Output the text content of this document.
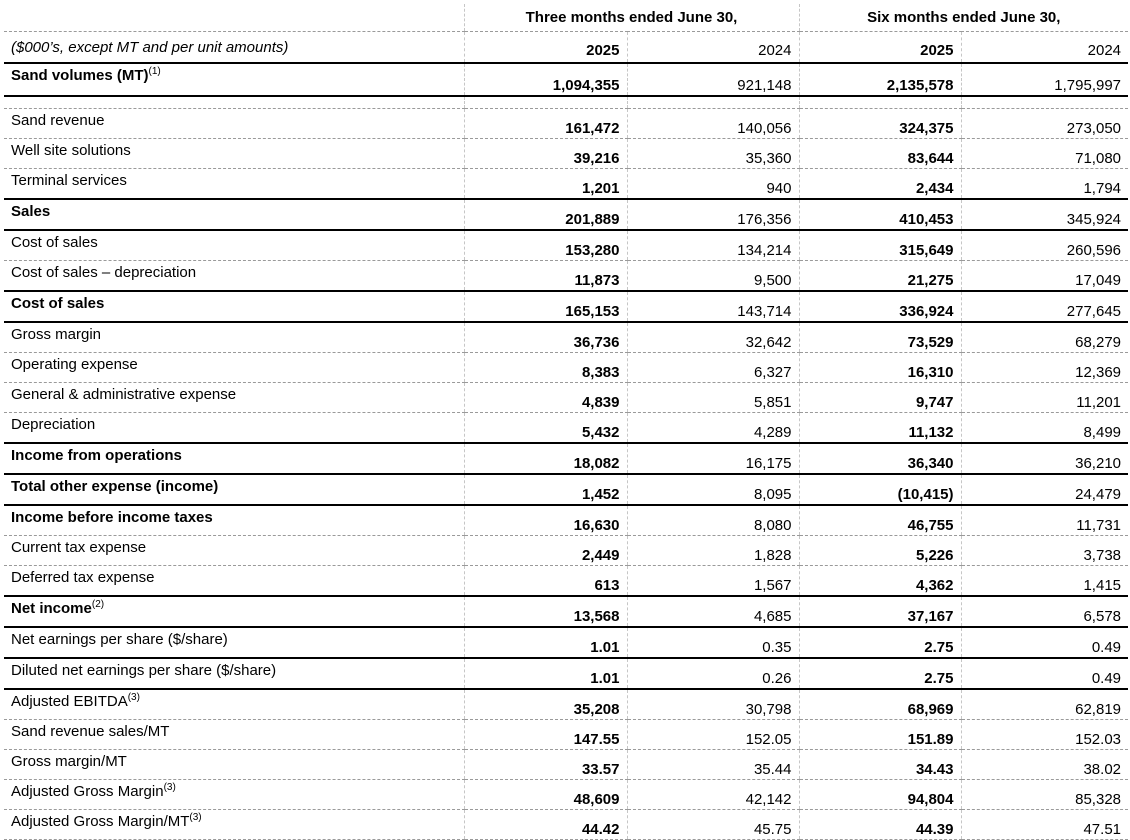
	Three months ended June 30,		Six months ended June 30,	
($000’s, except MT and per unit amounts)	2025	2024	2025	2024
Sand volumes (MT)$^{(1)}$	1,094,355	921,148	2,135,578	1,795,997

Sand revenue	161,472	140,056	324,375	273,050
Well site solutions	39,216	35,360	83,644	71,080
Terminal services	1,201	940	2,434	1,794
Sales	201,889	176,356	410,453	345,924
Cost of sales	153,280	134,214	315,649	260,596
Cost of sales – depreciation	11,873	9,500	21,275	17,049
Cost of sales	165,153	143,714	336,924	277,645
Gross margin	36,736	32,642	73,529	68,279
Operating expense	8,383	6,327	16,310	12,369
General & administrative expense	4,839	5,851	9,747	11,201
Depreciation	5,432	4,289	11,132	8,499
Income from operations	18,082	16,175	36,340	36,210
Total other expense (income)	1,452	8,095	(10,415)	24,479
Income before income taxes	16,630	8,080	46,755	11,731
Current tax expense	2,449	1,828	5,226	3,738
Deferred tax expense	613	1,567	4,362	1,415
Net income$^{(2)}$	13,568	4,685	37,167	6,578
Net earnings per share ($/share)	1.01	0.35	2.75	0.49
Diluted net earnings per share ($/share)	1.01	0.26	2.75	0.49
Adjusted EBITDA$^{(3)}$	35,208	30,798	68,969	62,819
Sand revenue sales/MT	147.55	152.05	151.89	152.03
Gross margin/MT	33.57	35.44	34.43	38.02
Adjusted Gross Margin$^{(3)}$	48,609	42,142	94,804	85,328
Adjusted Gross Margin/MT$^{(3)}$	44.42	45.75	44.39	47.51
